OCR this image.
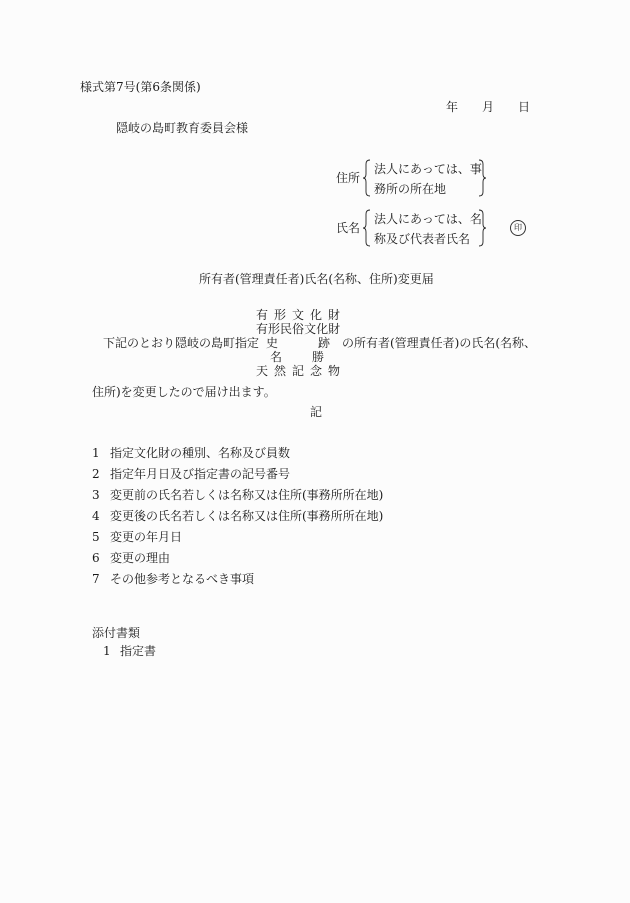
様式第7号(第6条関係)
年 月 日
隠岐の島町教育委員会様
住所
法人にあっては、事
務所の所在地
氏名
法人にあっては、名
称及び代表者氏名
印
所有者(管理責任者)氏名(名称、住所)変更届
下記のとおり隠岐の島町指定
有 形 文 化 財
有 形 民 俗 文 化 財
史	跡
名 勝
天 然 記 念 物
の所有者(管理責任者)の氏名(名称、
住所)を変更したので届け出ます。
記
1 指定文化財の種別、名称及び員数
2 指定年月日及び指定書の記号番号
3 変更前の氏名若しくは名称又は住所(事務所所在地)
4 変更後の氏名若しくは名称又は住所(事務所所在地)
5 変更の年月日
6 変更の理由
7 その他参考となるべき事項
添付書類
1 指定書
